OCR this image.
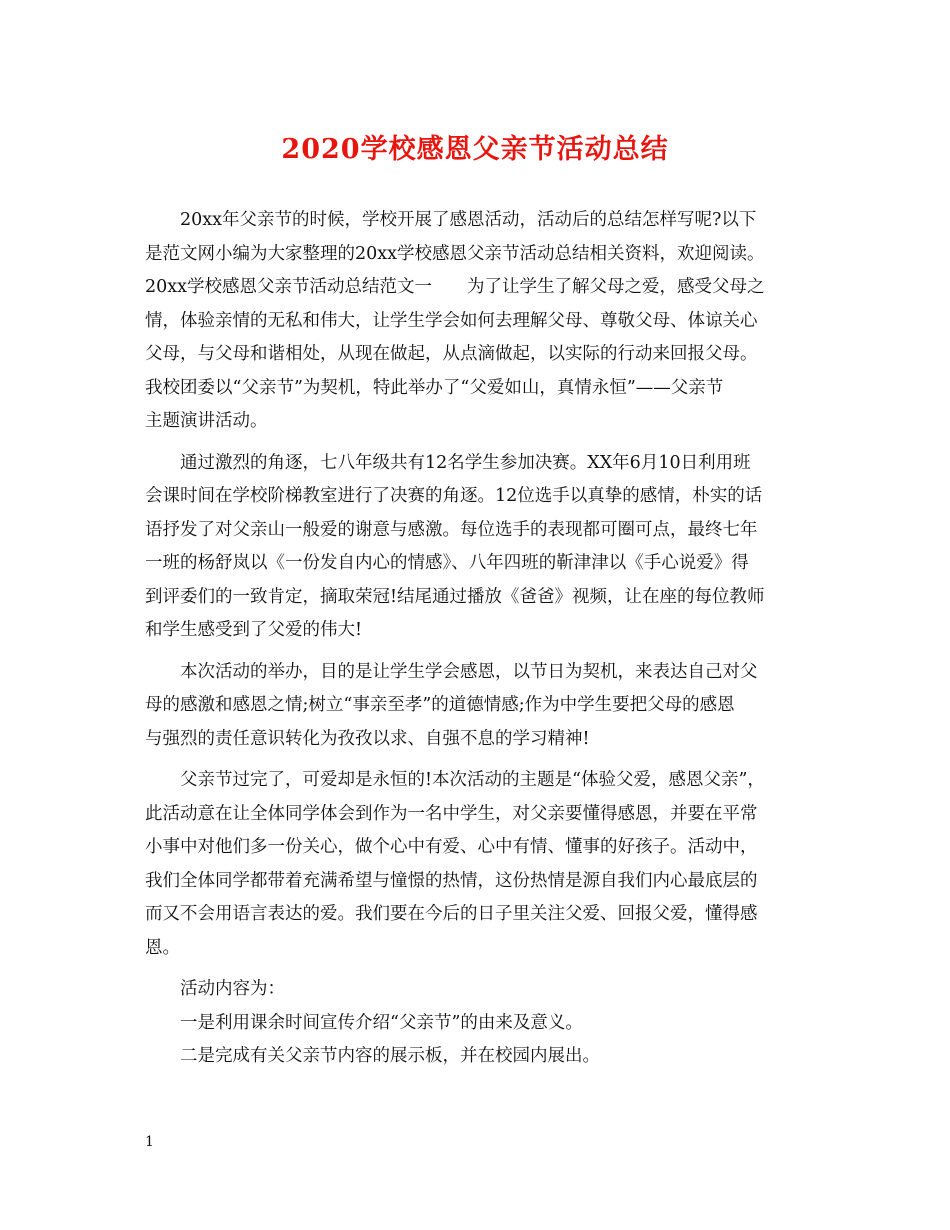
2020学校感恩父亲节活动总结
　　20xx年父亲节的时候，学校开展了感恩活动，活动后的总结怎样写呢?以下
是范文网小编为大家整理的20xx学校感恩父亲节活动总结相关资料，欢迎阅读。
20xx学校感恩父亲节活动总结范文一　　为了让学生了解父母之爱，感受父母之
情，体验亲情的无私和伟大，让学生学会如何去理解父母、尊敬父母、体谅关心
父母，与父母和谐相处，从现在做起，从点滴做起，以实际的行动来回报父母。
我校团委以“父亲节”为契机，特此举办了“父爱如山，真情永恒”——父亲节
主题演讲活动。
　　通过激烈的角逐，七八年级共有12名学生参加决赛。XX年6月10日利用班
会课时间在学校阶梯教室进行了决赛的角逐。12位选手以真挚的感情，朴实的话
语抒发了对父亲山一般爱的谢意与感激。每位选手的表现都可圈可点，最终七年
一班的杨舒岚以《一份发自内心的情感》、八年四班的靳津津以《手心说爱》得
到评委们的一致肯定，摘取荣冠!结尾通过播放《爸爸》视频，让在座的每位教师
和学生感受到了父爱的伟大!
　　本次活动的举办，目的是让学生学会感恩，以节日为契机，来表达自己对父
母的感激和感恩之情;树立“事亲至孝”的道德情感;作为中学生要把父母的感恩
与强烈的责任意识转化为孜孜以求、自强不息的学习精神!
　　父亲节过完了，可爱却是永恒的!本次活动的主题是“体验父爱，感恩父亲”，
此活动意在让全体同学体会到作为一名中学生，对父亲要懂得感恩，并要在平常
小事中对他们多一份关心，做个心中有爱、心中有情、懂事的好孩子。活动中，
我们全体同学都带着充满希望与憧憬的热情，这份热情是源自我们内心最底层的
而又不会用语言表达的爱。我们要在今后的日子里关注父爱、回报父爱，懂得感
恩。
　　活动内容为：
　　一是利用课余时间宣传介绍“父亲节”的由来及意义。
　　二是完成有关父亲节内容的展示板，并在校园内展出。
1
